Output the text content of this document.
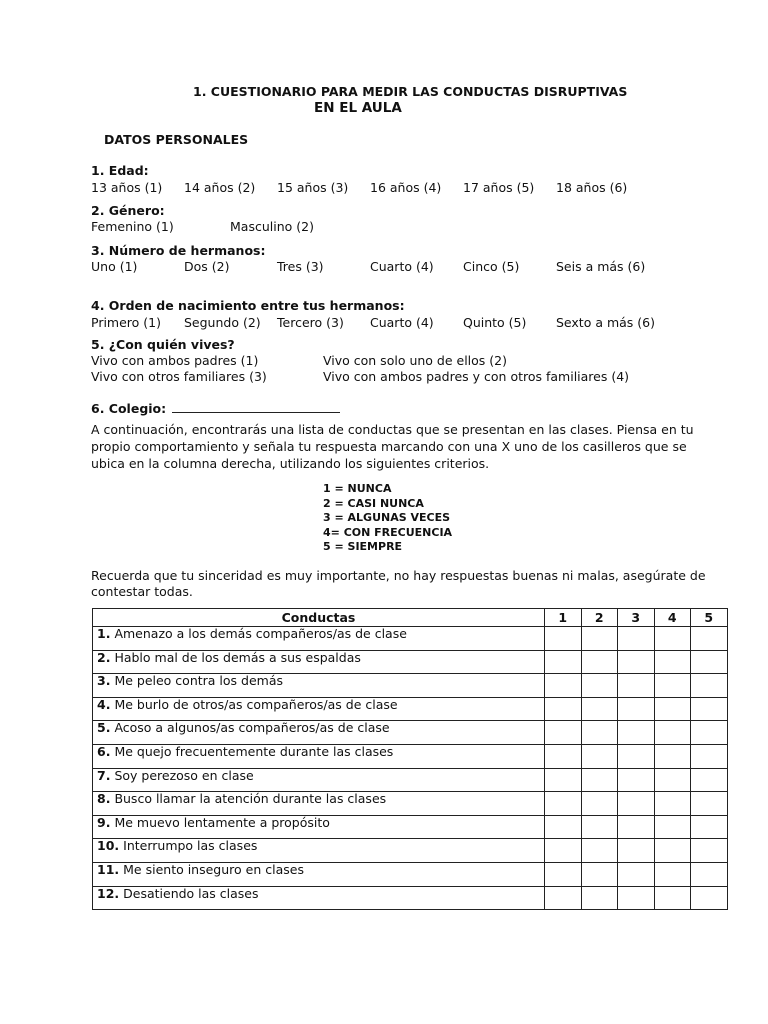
1. CUESTIONARIO PARA MEDIR LAS CONDUCTAS DISRUPTIVAS
EN EL AULA
DATOS PERSONALES
1. Edad:
13 años (1) 14 años (2) 15 años (3) 16 años (4) 17 años (5) 18 años (6)
2. Género:
Femenino (1)	Masculino (2)
3. Número de hermanos:
Uno (1)	Dos (2)	Tres (3)	Cuarto (4) Cinco (5)	Seis a más (6)
4. Orden de nacimiento entre tus hermanos:
Primero (1) Segundo (2) Tercero (3) Cuarto (4) Quinto (5) Sexto a más (6)
5. ¿Con quién vives?
Vivo con ambos padres (1)	Vivo con solo uno de ellos (2)
Vivo con otros familiares (3)	Vivo con ambos padres y con otros familiares (4)
6. Colegio:
A continuación, encontrarás una lista de conductas que se presentan en las clases. Piensa en tu propio comportamiento y señala tu respuesta marcando con una X uno de los casilleros que se ubica en la columna derecha, utilizando los siguientes criterios.
1 = NUNCA
2 = CASI NUNCA
3 = ALGUNAS VECES
4= CON FRECUENCIA
5 = SIEMPRE
Recuerda que tu sinceridad es muy importante, no hay respuestas buenas ni malas, asegúrate de contestar todas.
Conductas	1	2	3	4	5
1. Amenazo a los demás compañeros/as de clase					
2. Hablo mal de los demás a sus espaldas					
3. Me peleo contra los demás					
4. Me burlo de otros/as compañeros/as de clase					
5. Acoso a algunos/as compañeros/as de clase					
6. Me quejo frecuentemente durante las clases					
7. Soy perezoso en clase					
8. Busco llamar la atención durante las clases					
9. Me muevo lentamente a propósito					
10. Interrumpo las clases					
11. Me siento inseguro en clases					
12. Desatiendo las clases					
